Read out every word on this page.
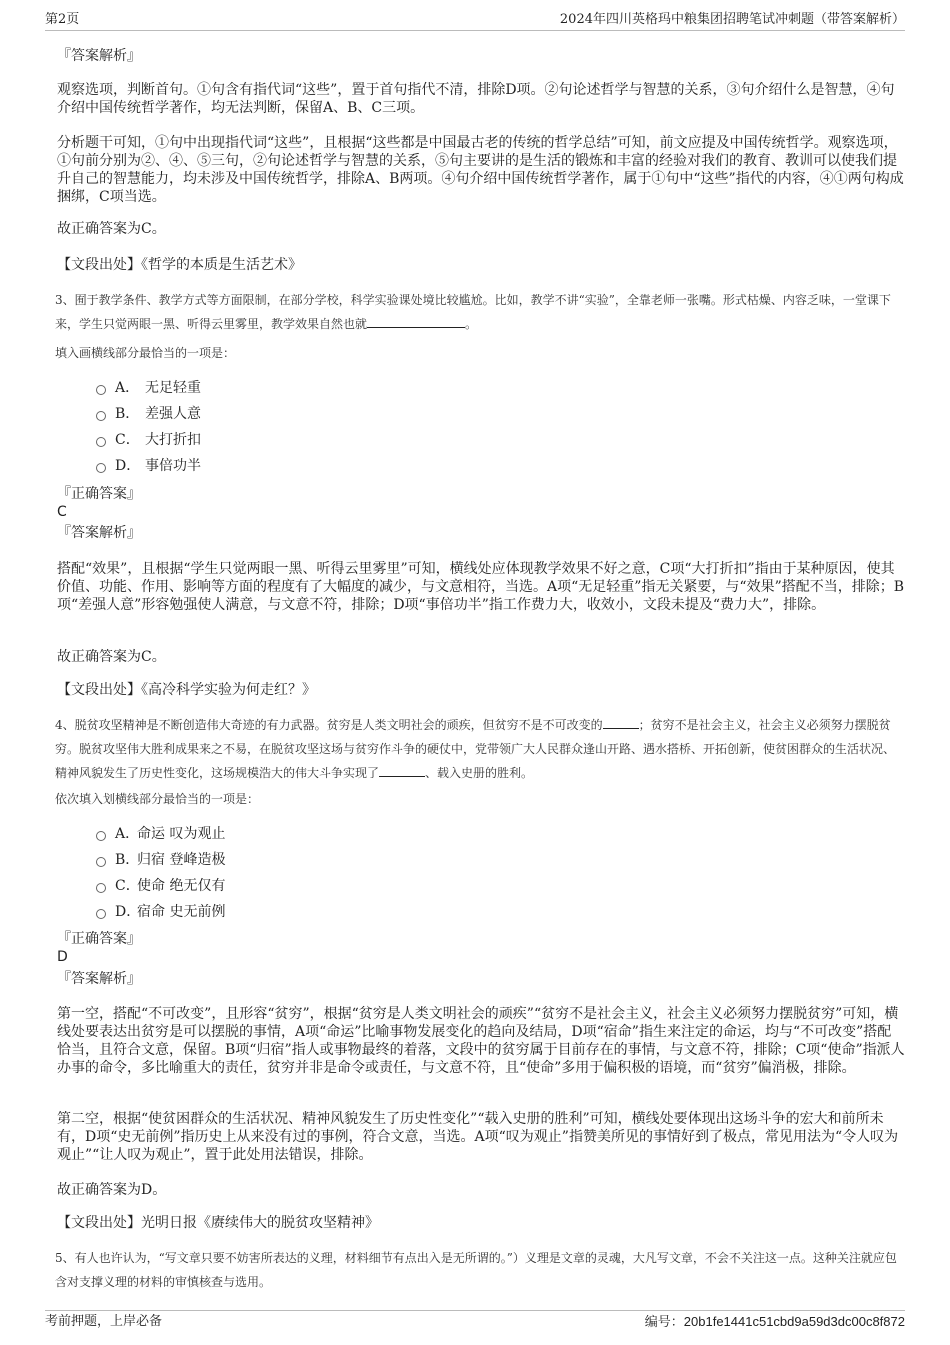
第2页	2024年四川英格玛中粮集团招聘笔试冲刺题（带答案解析）

『答案解析』

观察选项，判断首句。①句含有指代词“这些”，置于首句指代不清，排除D项。②句论述哲学与智慧的关系，③句介绍什么是智慧，④句介绍中国传统哲学著作，均无法判断，保留A、B、C三项。

分析题干可知，①句中出现指代词“这些”，且根据“这些都是中国最古老的传统的哲学总结”可知，前文应提及中国传统哲学。观察选项，①句前分别为②、④、⑤三句，②句论述哲学与智慧的关系，⑤句主要讲的是生活的锻炼和丰富的经验对我们的教育、教训可以使我们提升自己的智慧能力，均未涉及中国传统哲学，排除A、B两项。④句介绍中国传统哲学著作，属于①句中“这些”指代的内容，④①两句构成捆绑，C项当选。

故正确答案为C。

【文段出处】《哲学的本质是生活艺术》

3、囿于教学条件、教学方式等方面限制，在部分学校，科学实验课处境比较尴尬。比如，教学不讲“实验”，全靠老师一张嘴。形式枯燥、内容乏味，一堂课下来，学生只觉两眼一黑、听得云里雾里，教学效果自然也就	。

填入画横线部分最恰当的一项是：

A． 无足轻重
B． 差强人意
C． 大打折扣
D． 事倍功半
『正确答案』
C
『答案解析』

搭配“效果”，且根据“学生只觉两眼一黑、听得云里雾里”可知，横线处应体现教学效果不好之意，C项“大打折扣”指由于某种原因，使其价值、功能、作用、影响等方面的程度有了大幅度的减少，与文意相符，当选。A项“无足轻重”指无关紧要，与“效果”搭配不当，排除；B项“差强人意”形容勉强使人满意，与文意不符，排除；D项“事倍功半”指工作费力大，收效小，文段未提及“费力大”，排除。

故正确答案为C。

【文段出处】《高冷科学实验为何走红？》

4、脱贫攻坚精神是不断创造伟大奇迹的有力武器。贫穷是人类文明社会的顽疾，但贫穷不是不可改变的	；贫穷不是社会主义，社会主义必须努力摆脱贫穷。脱贫攻坚伟大胜利成果来之不易，在脱贫攻坚这场与贫穷作斗争的硬仗中，党带领广大人民群众逢山开路、遇水搭桥、开拓创新，使贫困群众的生活状况、精神风貌发生了历史性变化，这场规模浩大的伟大斗争实现了	、载入史册的胜利。

依次填入划横线部分最恰当的一项是：

A．
命运 叹为观止
B．
归宿 登峰造极
C．
使命 绝无仅有
D．
宿命 史无前例
『正确答案』
D
『答案解析』

第一空，搭配“不可改变”，且形容“贫穷”，根据“贫穷是人类文明社会的顽疾”“贫穷不是社会主义，社会主义必须努力摆脱贫穷”可知，横线处要表达出贫穷是可以摆脱的事情，A项“命运”比喻事物发展变化的趋向及结局，D项“宿命”指生来注定的命运，均与“不可改变”搭配恰当，且符合文意，保留。B项“归宿”指人或事物最终的着落，文段中的贫穷属于目前存在的事情，与文意不符，排除；C项“使命”指派人办事的命令，多比喻重大的责任，贫穷并非是命令或责任，与文意不符，且“使命”多用于偏积极的语境，而“贫穷”偏消极，排除。

第二空，根据“使贫困群众的生活状况、精神风貌发生了历史性变化”“载入史册的胜利”可知，横线处要体现出这场斗争的宏大和前所未有，D项“史无前例”指历史上从来没有过的事例，符合文意，当选。A项“叹为观止”指赞美所见的事情好到了极点，常见用法为“令人叹为观止”“让人叹为观止”，置于此处用法错误，排除。

故正确答案为D。

【文段出处】光明日报《赓续伟大的脱贫攻坚精神》

5、有人也许认为，“写文章只要不妨害所表达的义理，材料细节有点出入是无所谓的。”）义理是文章的灵魂，大凡写文章，不会不关注这一点。这种关注就应包含对支撑义理的材料的审慎核查与选用。

考前押题，上岸必备	编号：20b1fe1441c51cbd9a59d3dc00c8f872
